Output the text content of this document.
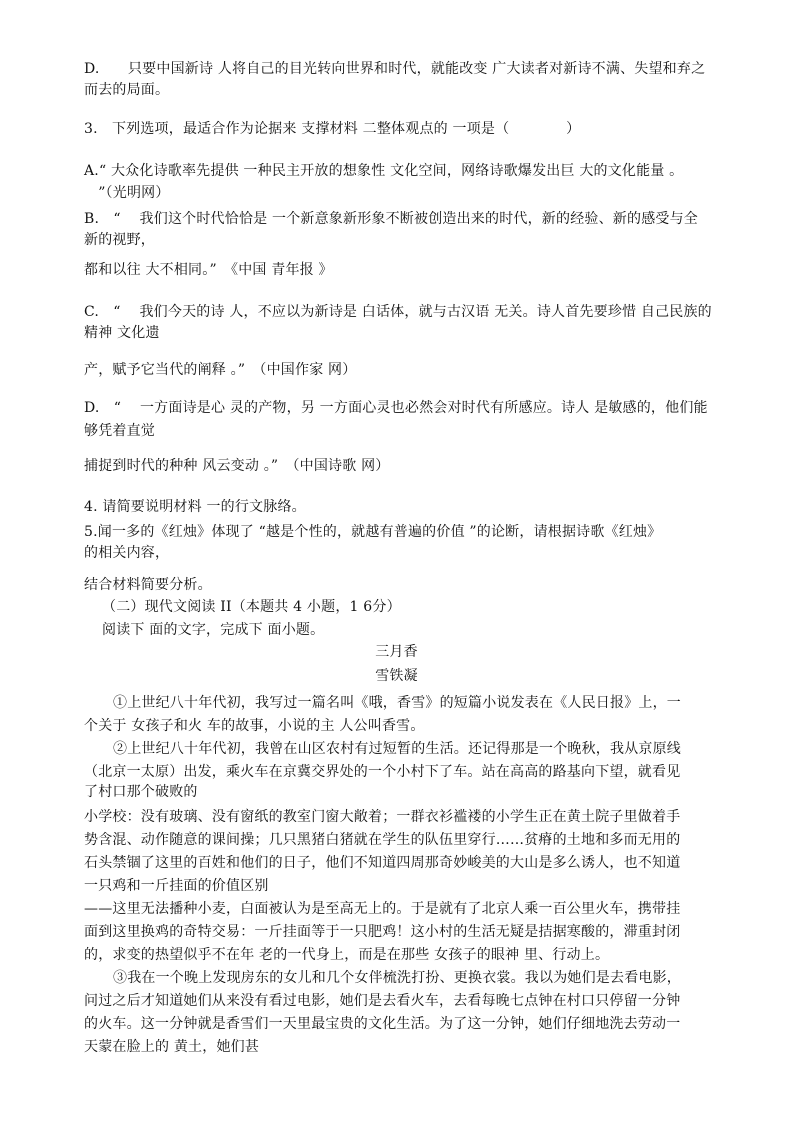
D.　　只要中国新诗 人将自己的目光转向世界和时代，就能改变 广大读者对新诗不满、失望和弃之
而去的局面。
3.　下列选项，最适合作为论据来 支撑材料 二整体观点的 一项是（　　　　）
A.“ 大众化诗歌率先提供 一种民主开放的想象性 文化空间，网络诗歌爆发出巨 大的文化能量 。
　”（光明网）
B.　“　 我们这个时代恰恰是 一个新意象新形象不断被创造出来的时代，新的经验、新的感受与全
新的视野，
都和以往 大不相同。”　《中国 青年报 》
C.　“　 我们今天的诗 人，不应以为新诗是 白话体，就与古汉语 无关。诗人首先要珍惜 自己民族的
精神 文化遗
产，赋予它当代的阐释 。”　（中国作家 网）
D.　“　 一方面诗是心 灵的产物，另 一方面心灵也必然会对时代有所感应。诗人 是敏感的，他们能
够凭着直觉
捕捉到时代的种种 风云变动 。”　（中国诗歌 网）
4. 请简要说明材料 一的行文脉络。
5.闻一多的《红烛》体现了 “越是个性的，就越有普遍的价值 ”的论断，请根据诗歌《红烛》
的相关内容，
结合材料简要分析。
（二）现代文阅读 II（本题共 4 小题，1 6分）
阅读下 面的文字，完成下 面小题。
三月香
雪铁凝
①上世纪八十年代初，我写过一篇名叫《哦，香雪》的短篇小说发表在《人民日报》上，一
个关于 女孩子和火 车的故事，小说的主 人公叫香雪。
②上世纪八十年代初，我曾在山区农村有过短暂的生活。还记得那是一个晚秋，我从京原线
（北京一太原）出发，乘火车在京冀交界处的一个小村下了车。站在高高的路基向下望，就看见
了村口那个破败的
小学校：没有玻璃、没有窗纸的教室门窗大敞着；一群衣衫褴褛的小学生正在黄土院子里做着手
势含混、动作随意的课间操；几只黑猪白猪就在学生的队伍里穿行……贫瘠的土地和多而无用的
石头禁锢了这里的百姓和他们的日子，他们不知道四周那奇妙峻美的大山是多么诱人，也不知道
一只鸡和一斤挂面的价值区别
——这里无法播种小麦，白面被认为是至高无上的。于是就有了北京人乘一百公里火车，携带挂
面到这里换鸡的奇特交易：一斤挂面等于一只肥鸡！这小村的生活无疑是拮据寒酸的，滞重封闭
的，求变的热望似乎不在年 老的一代身上，而是在那些 女孩子的眼神 里、行动上。
③我在一个晚上发现房东的女儿和几个女伴梳洗打扮、更换衣裳。我以为她们是去看电影，
问过之后才知道她们从来没有看过电影，她们是去看火车，去看每晚七点钟在村口只停留一分钟
的火车。这一分钟就是香雪们一天里最宝贵的文化生活。为了这一分钟，她们仔细地洗去劳动一
天蒙在脸上的 黄土，她们甚
